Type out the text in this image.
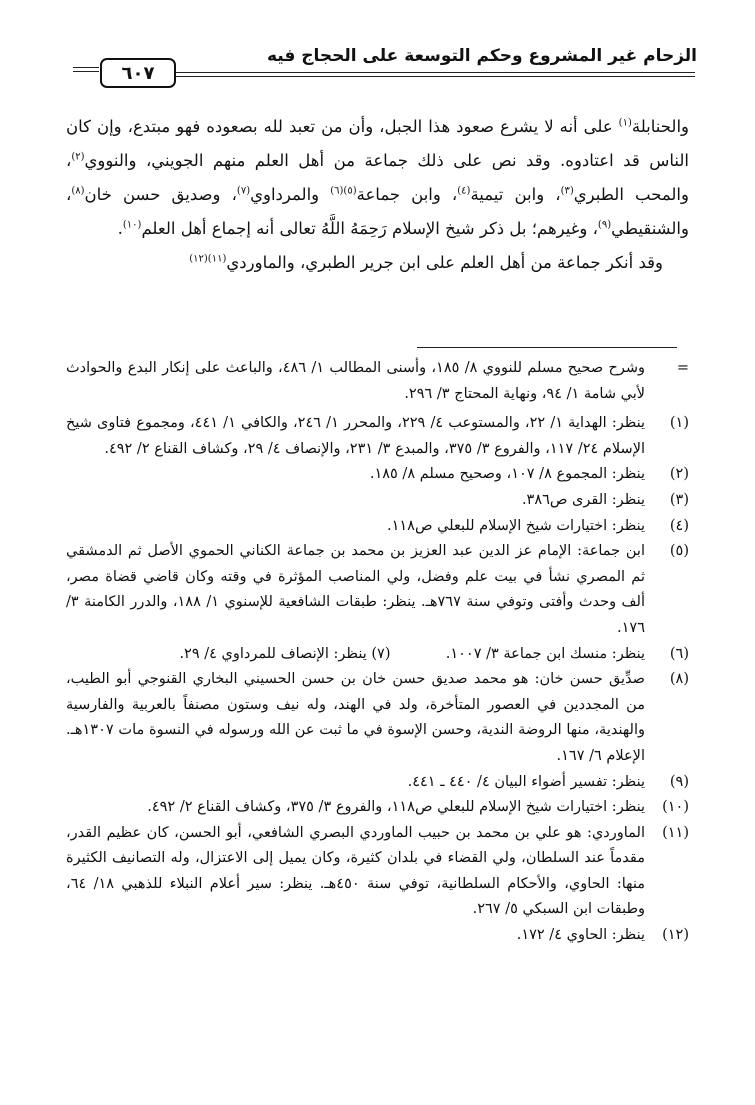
الزحام غير المشروع وحكم التوسعة على الحجاج فيه
٦٠٧

والحنابلة$^{(١)}$ على أنه لا يشرع صعود هذا الجبل، وأن من تعبد لله بصعوده فهو مبتدع، وإن كان الناس قد اعتادوه. وقد نص على ذلك جماعة من أهل العلم منهم الجويني، والنووي$^{(٢)}$، والمحب الطبري$^{(٣)}$، وابن تيمية$^{(٤)}$، وابن جماعة$^{(٥)(٦)}$ والمرداوي$^{(٧)}$، وصديق حسن خان$^{(٨)}$، والشنقيطي$^{(٩)}$، وغيرهم؛ بل ذكر شيخ الإسلام رَحِمَهُ اللَّهُ تعالى أنه إجماع أهل العلم$^{(١٠)}$.

وقد أنكر جماعة من أهل العلم على ابن جرير الطبري، والماوردي$^{(١١)(١٢)}$

=
وشرح صحيح مسلم للنووي ٨/ ١٨٥، وأسنى المطالب ١/ ٤٨٦، والباعث على إنكار البدع والحوادث لأبي شامة ١/ ٩٤، ونهاية المحتاج ٣/ ٢٩٦.
(١)
ينظر: الهداية ١/ ٢٢، والمستوعب ٤/ ٢٢٩، والمحرر ١/ ٢٤٦، والكافي ١/ ٤٤١، ومجموع فتاوى شيخ الإسلام ٢٤/ ١١٧، والفروع ٣/ ٣٧٥، والمبدع ٣/ ٢٣١، والإنصاف ٤/ ٢٩، وكشاف القناع ٢/ ٤٩٢.
(٢)
ينظر: المجموع ٨/ ١٠٧، وصحيح مسلم ٨/ ١٨٥.
(٣)
ينظر: القرى ص٣٨٦.
(٤)
ينظر: اختيارات شيخ الإسلام للبعلي ص١١٨.
(٥)
ابن جماعة: الإمام عز الدين عبد العزيز بن محمد بن جماعة الكناني الحموي الأصل ثم الدمشقي ثم المصري نشأ في بيت علم وفضل، ولي المناصب المؤثرة في وقته وكان قاضي قضاة مصر، ألف وحدث وأفتى وتوفي سنة ٧٦٧هـ. ينظر: طبقات الشافعية للإسنوي ١/ ١٨٨، والدرر الكامنة ٣/ ١٧٦.
(٦)
ينظر: منسك ابن جماعة ٣/ ١٠٠٧.  (٧) ينظر: الإنصاف للمرداوي ٤/ ٢٩.
(٨)
صدِّيق حسن خان: هو محمد صديق حسن خان بن حسن الحسيني البخاري القنوجي أبو الطيب، من المجددين في العصور المتأخرة، ولد في الهند، وله نيف وستون مصنفاً بالعربية والفارسية والهندية، منها الروضة الندية، وحسن الإسوة في ما ثبت عن الله ورسوله في النسوة مات ١٣٠٧هـ. الإعلام ٦/ ١٦٧.
(٩)
ينظر: تفسير أضواء البيان ٤/ ٤٤٠ ـ ٤٤١.
(١٠)
ينظر: اختيارات شيخ الإسلام للبعلي ص١١٨، والفروع ٣/ ٣٧٥، وكشاف القناع ٢/ ٤٩٢.
(١١)
الماوردي: هو علي بن محمد بن حبيب الماوردي البصري الشافعي، أبو الحسن، كان عظيم القدر، مقدماً عند السلطان، ولي القضاء في بلدان كثيرة، وكان يميل إلى الاعتزال، وله التصانيف الكثيرة منها: الحاوي، والأحكام السلطانية، توفي سنة ٤٥٠هـ. ينظر: سير أعلام النبلاء للذهبي ١٨/ ٦٤، وطبقات ابن السبكي ٥/ ٢٦٧.
(١٢)
ينظر: الحاوي ٤/ ١٧٢.
